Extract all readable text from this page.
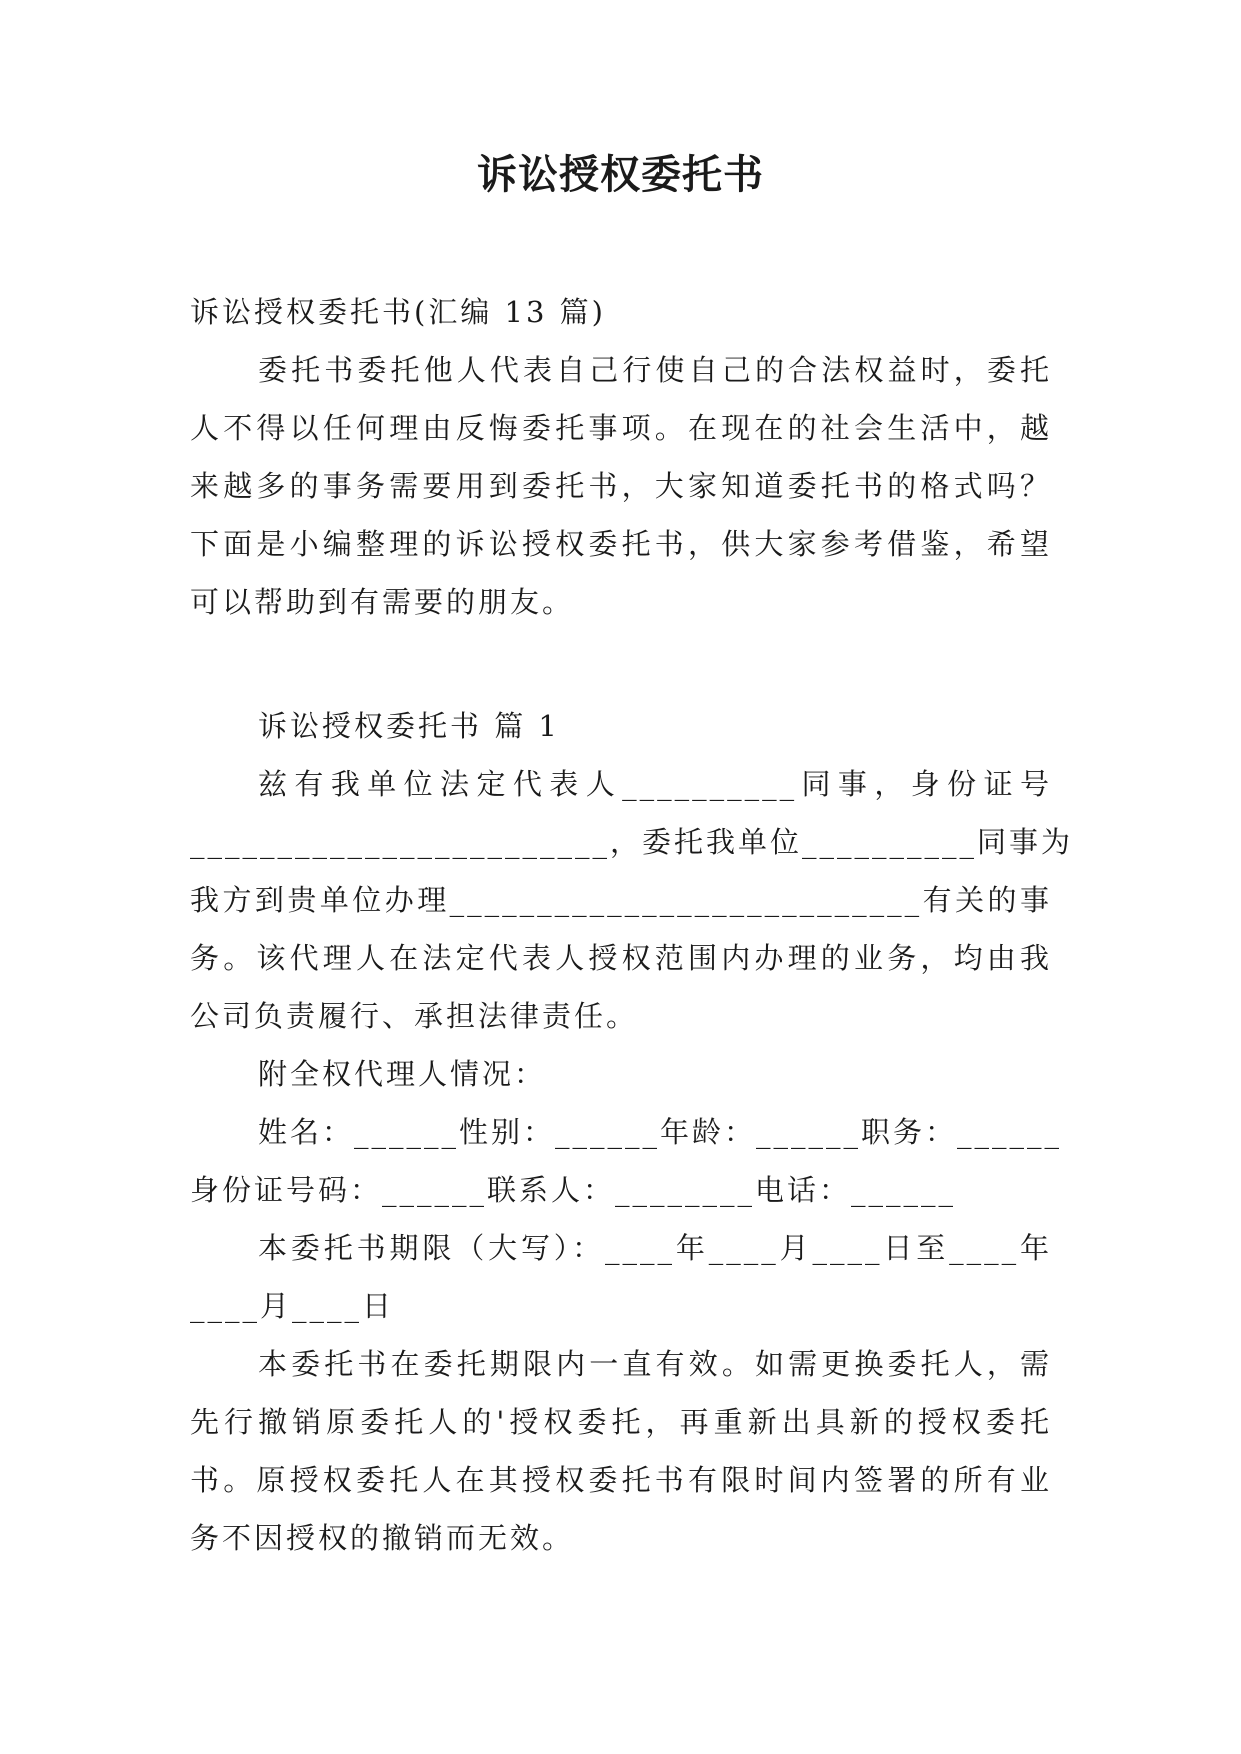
诉讼授权委托书
诉讼授权委托书(汇编 13 篇)
委托书委托他人代表自己行使自己的合法权益时，委托
人不得以任何理由反悔委托事项。在现在的社会生活中，越
来越多的事务需要用到委托书，大家知道委托书的格式吗？
下面是小编整理的诉讼授权委托书，供大家参考借鉴，希望
可以帮助到有需要的朋友。
诉讼授权委托书 篇 1
兹有我单位法定代表人__________同事，身份证号
________________________，委托我单位__________同事为
我方到贵单位办理___________________________有关的事
务。该代理人在法定代表人授权范围内办理的业务，均由我
公司负责履行、承担法律责任。
附全权代理人情况：
姓名：______性别：______年龄：______职务：______
身份证号码：______联系人：________电话：______
本委托书期限（大写）：____年____月____日至____年
____月____日
本委托书在委托期限内一直有效。如需更换委托人，需
先行撤销原委托人的'授权委托，再重新出具新的授权委托
书。原授权委托人在其授权委托书有限时间内签署的所有业
务不因授权的撤销而无效。
